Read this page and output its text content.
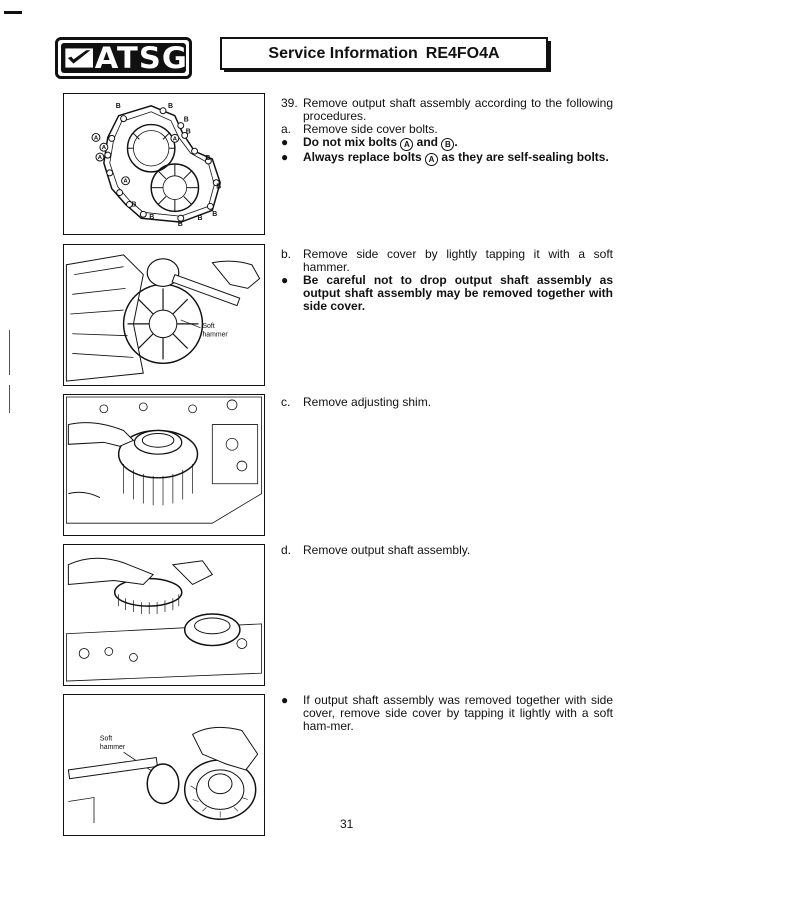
ATSG	Service Information RE4FO4A
B	B
B
B
A
A
A
A
A
B
B
B
B
B
B
B
Soft
hammer
Soft
hammer
39. Remove output shaft assembly according to the following procedures.
a. Remove side cover bolts.
● Do not mix bolts A and B .
● Always replace bolts A as they are self-sealing bolts.
b. Remove side cover by lightly tapping it with a soft hammer.
● Be careful not to drop output shaft assembly as output shaft assembly may be removed together with side cover.
c. Remove adjusting shim.
d. Remove output shaft assembly.
● If output shaft assembly was removed together with side cover, remove side cover by tapping it lightly with a soft ham-mer.
31
